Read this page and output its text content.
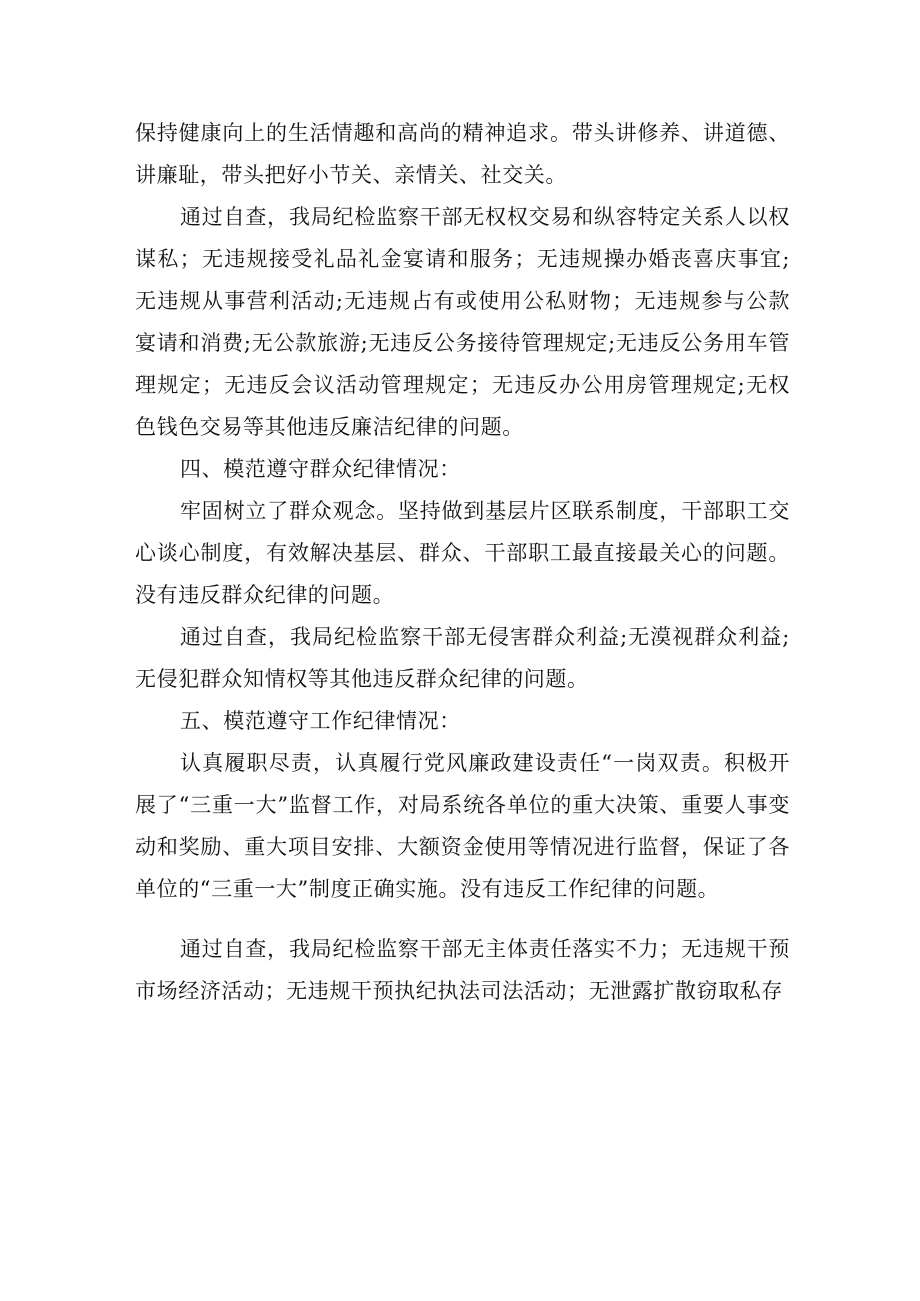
保持健康向上的生活情趣和高尚的精神追求。带头讲修养、讲道德、讲廉耻，带头把好小节关、亲情关、社交关。

通过自查，我局纪检监察干部无权权交易和纵容特定关系人以权谋私；无违规接受礼品礼金宴请和服务；无违规操办婚丧喜庆事宜;无违规从事营利活动;无违规占有或使用公私财物；无违规参与公款宴请和消费;无公款旅游;无违反公务接待管理规定;无违反公务用车管理规定；无违反会议活动管理规定；无违反办公用房管理规定;无权色钱色交易等其他违反廉洁纪律的问题。

四、模范遵守群众纪律情况：

牢固树立了群众观念。坚持做到基层片区联系制度，干部职工交心谈心制度，有效解决基层、群众、干部职工最直接最关心的问题。没有违反群众纪律的问题。

通过自查，我局纪检监察干部无侵害群众利益;无漠视群众利益;无侵犯群众知情权等其他违反群众纪律的问题。

五、模范遵守工作纪律情况：

认真履职尽责，认真履行党风廉政建设责任“一岗双责。积极开展了“三重一大”监督工作，对局系统各单位的重大决策、重要人事变动和奖励、重大项目安排、大额资金使用等情况进行监督，保证了各单位的“三重一大”制度正确实施。没有违反工作纪律的问题。

通过自查，我局纪检监察干部无主体责任落实不力；无违规干预市场经济活动；无违规干预执纪执法司法活动；无泄露扩散窃取私存
